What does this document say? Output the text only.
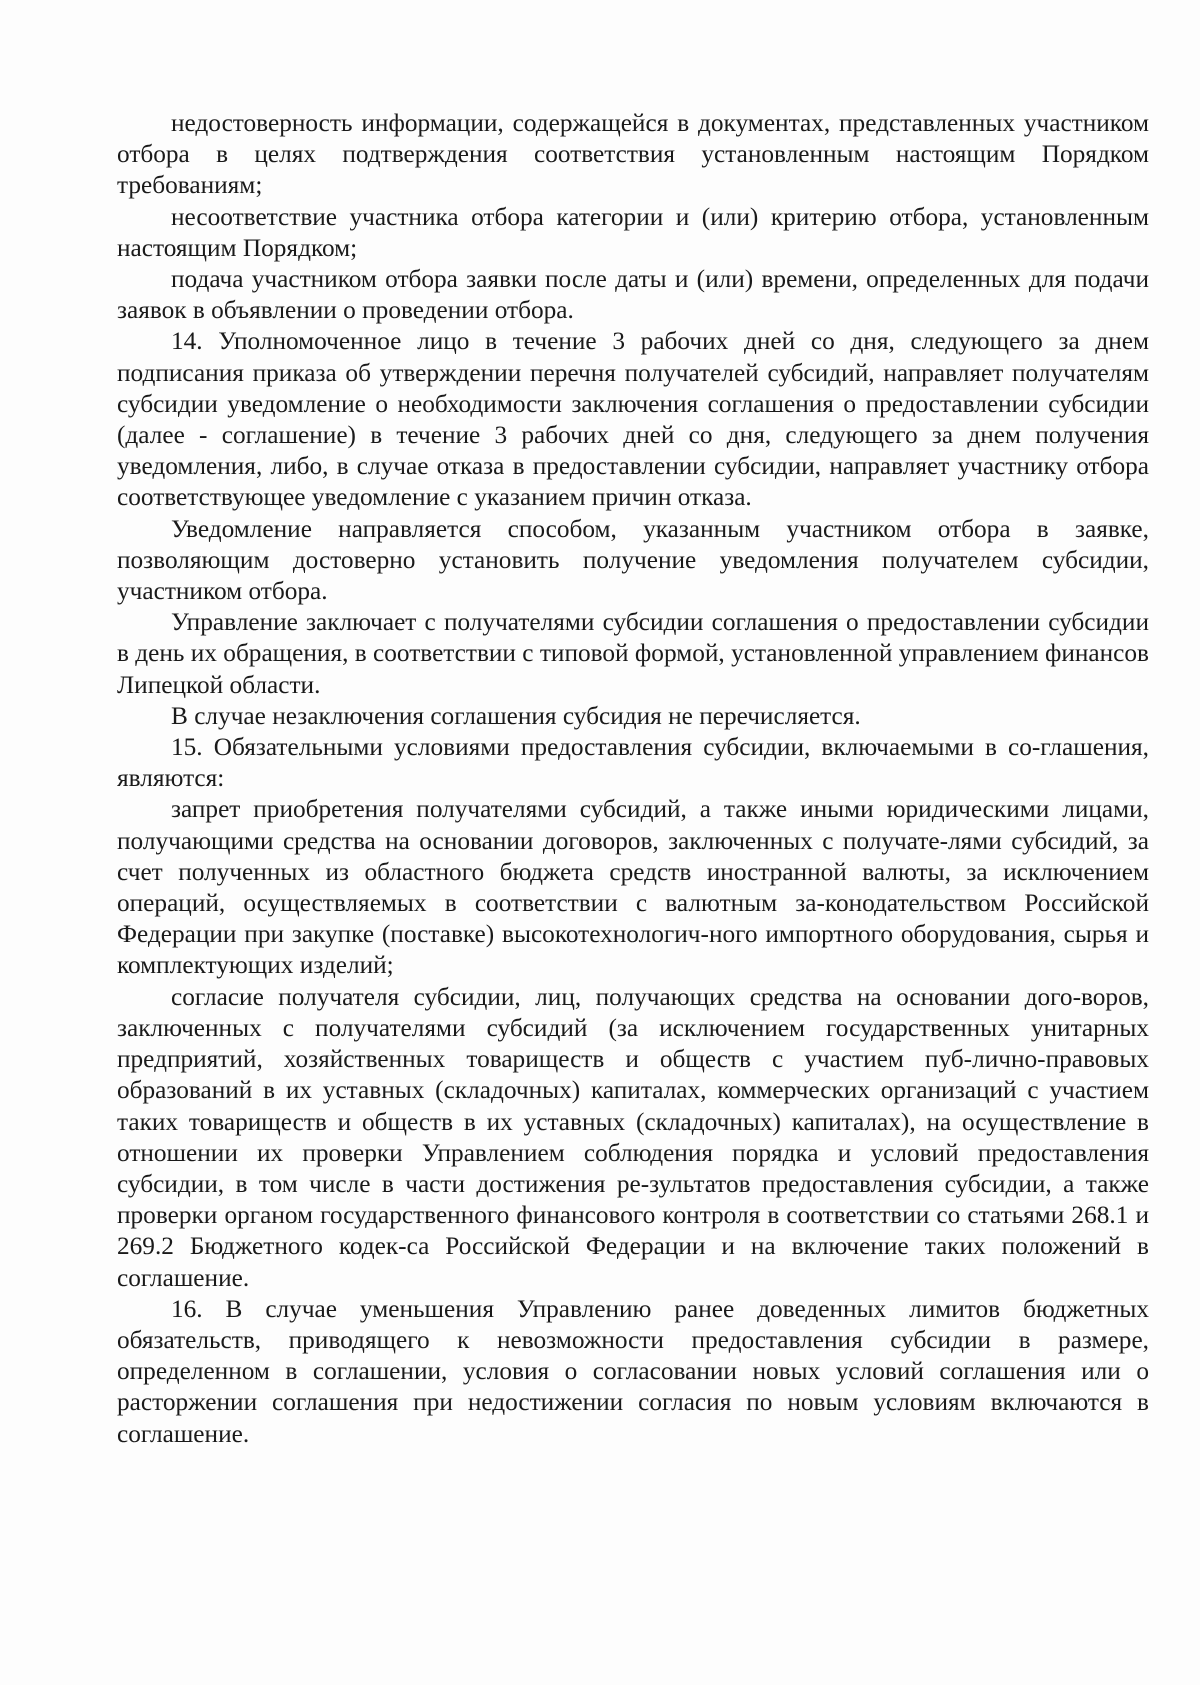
недостоверность информации, содержащейся в документах, представленных участником отбора в целях подтверждения соответствия установленным настоящим Порядком требованиям;

несоответствие участника отбора категории и (или) критерию отбора, установленным настоящим Порядком;

подача участником отбора заявки после даты и (или) времени, определенных для подачи заявок в объявлении о проведении отбора.

14. Уполномоченное лицо в течение 3 рабочих дней со дня, следующего за днем подписания приказа об утверждении перечня получателей субсидий, направляет получателям субсидии уведомление о необходимости заключения соглашения о предоставлении субсидии (далее - соглашение) в течение 3 рабочих дней со дня, следующего за днем получения уведомления, либо, в случае отказа в предоставлении субсидии, направляет участнику отбора соответствующее уведомление с указанием причин отказа.

Уведомление направляется способом, указанным участником отбора в заявке, позволяющим достоверно установить получение уведомления получателем субсидии, участником отбора.

Управление заключает с получателями субсидии соглашения о предоставлении субсидии в день их обращения, в соответствии с типовой формой, установленной управлением финансов Липецкой области.

В случае незаключения соглашения субсидия не перечисляется.

15. Обязательными условиями предоставления субсидии, включаемыми в со-глашения, являются:

запрет приобретения получателями субсидий, а также иными юридическими лицами, получающими средства на основании договоров, заключенных с получате-лями субсидий, за счет полученных из областного бюджета средств иностранной валюты, за исключением операций, осуществляемых в соответствии с валютным за-конодательством Российской Федерации при закупке (поставке) высокотехнологич-ного импортного оборудования, сырья и комплектующих изделий;

согласие получателя субсидии, лиц, получающих средства на основании дого-воров, заключенных с получателями субсидий (за исключением государственных унитарных предприятий, хозяйственных товариществ и обществ с участием пуб-лично-правовых образований в их уставных (складочных) капиталах, коммерческих организаций с участием таких товариществ и обществ в их уставных (складочных) капиталах), на осуществление в отношении их проверки Управлением соблюдения порядка и условий предоставления субсидии, в том числе в части достижения ре-зультатов предоставления субсидии, а также проверки органом государственного финансового контроля в соответствии со статьями 268.1 и 269.2 Бюджетного кодек-са Российской Федерации и на включение таких положений в соглашение.

16. В случае уменьшения Управлению ранее доведенных лимитов бюджетных обязательств, приводящего к невозможности предоставления субсидии в размере, определенном в соглашении, условия о согласовании новых условий соглашения или о расторжении соглашения при недостижении согласия по новым условиям включаются в соглашение.
